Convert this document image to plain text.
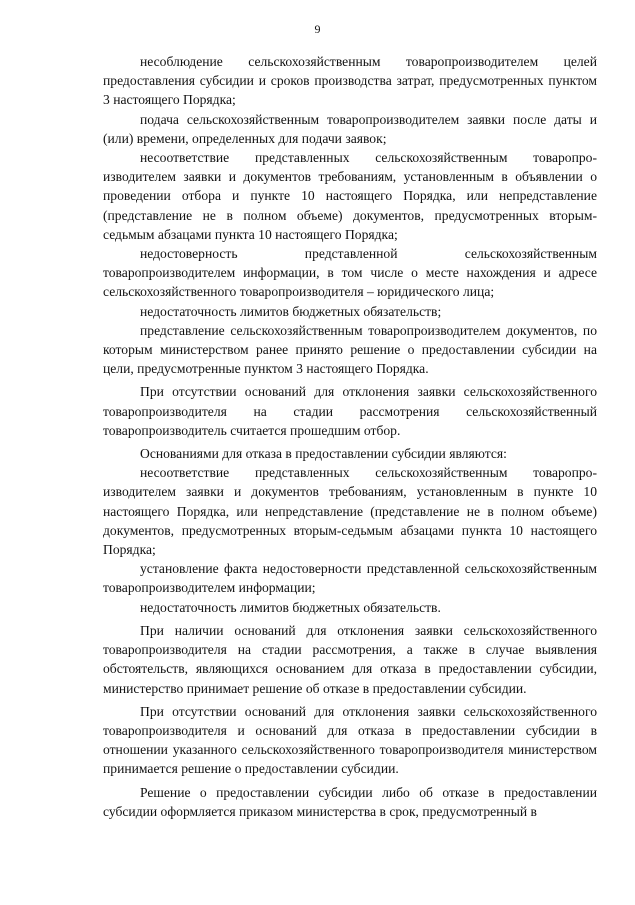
9

несоблюдение сельскохозяйственным товаропроизводителем целей предоставления субсидии и сроков производства затрат, предусмотренных пунктом 3 настоящего Порядка;

подача сельскохозяйственным товаропроизводителем заявки после даты и (или) времени, определенных для подачи заявок;

несоответствие представленных сельскохозяйственным товаропроизводителем заявки и документов требованиям, установленным в объявлении о проведении отбора и пункте 10 настоящего Порядка, или непредставление (представление не в полном объеме) документов, предусмотренных вторым-седьмым абзацами пункта 10 настоящего Порядка;

недостоверность представленной сельскохозяйственным товаропроизводителем информации, в том числе о месте нахождения и адресе сельскохозяйственного товаропроизводителя – юридического лица;

недостаточность лимитов бюджетных обязательств;

представление сельскохозяйственным товаропроизводителем документов, по которым министерством ранее принято решение о предоставлении субсидии на цели, предусмотренные пунктом 3 настоящего Порядка.

При отсутствии оснований для отклонения заявки сельскохозяйственного товаропроизводителя на стадии рассмотрения сельскохозяйственный товаропроизводитель считается прошедшим отбор.

Основаниями для отказа в предоставлении субсидии являются:

несоответствие представленных сельскохозяйственным товаропроизводителем заявки и документов требованиям, установленным в пункте 10 настоящего Порядка, или непредставление (представление не в полном объеме) документов, предусмотренных вторым-седьмым абзацами пункта 10 настоящего Порядка;

установление факта недостоверности представленной сельскохозяйственным товаропроизводителем информации;

недостаточность лимитов бюджетных обязательств.

При наличии оснований для отклонения заявки сельскохозяйственного товаропроизводителя на стадии рассмотрения, а также в случае выявления обстоятельств, являющихся основанием для отказа в предоставлении субсидии, министерство принимает решение об отказе в предоставлении субсидии.

При отсутствии оснований для отклонения заявки сельскохозяйственного товаропроизводителя и оснований для отказа в предоставлении субсидии в отношении указанного сельскохозяйственного товаропроизводителя министерством принимается решение о предоставлении субсидии.

Решение о предоставлении субсидии либо об отказе в предоставлении субсидии оформляется приказом министерства в срок, предусмотренный в
